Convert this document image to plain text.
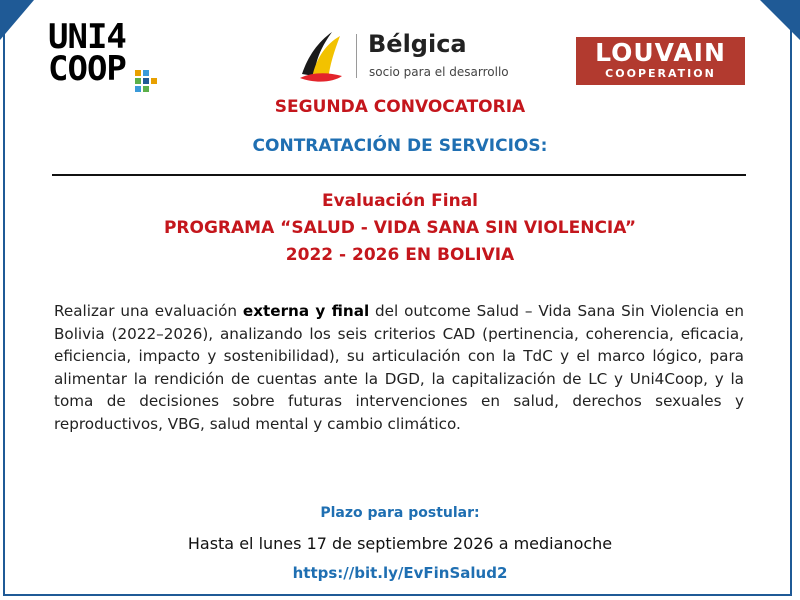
UNI4
COOP
Bélgica
socio para el desarrollo
LOUVAIN
COOPERATION
SEGUNDA CONVOCATORIA
CONTRATACIÓN DE SERVICIOS:
Evaluación Final
PROGRAMA “SALUD - VIDA SANA SIN VIOLENCIA”
2022 - 2026 EN BOLIVIA
Realizar una evaluación externa y final del outcome Salud – Vida Sana Sin Violencia en Bolivia (2022–2026), analizando los seis criterios CAD (pertinencia, coherencia, eficacia, eficiencia, impacto y sostenibilidad), su articulación con la TdC y el marco lógico, para alimentar la rendición de cuentas ante la DGD, la capitalización de LC y Uni4Coop, y la toma de decisiones sobre futuras intervenciones en salud, derechos sexuales y reproductivos, VBG, salud mental y cambio climático.
Plazo para postular:
Hasta el lunes 17 de septiembre 2026 a medianoche
https://bit.ly/EvFinSalud2
